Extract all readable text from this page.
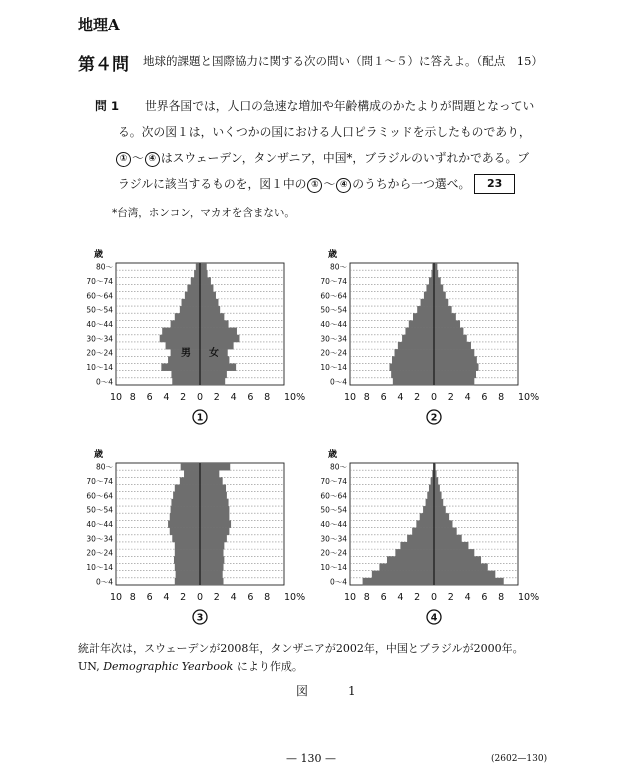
地理A
第４問 地球的課題と国際協力に関する次の問い（問１～５）に答えよ。（配点　15）
問 1 世界各国では，人口の急速な増加や年齢構成のかたよりが問題となってい
る。次の図１は，いくつかの国における人口ピラミッドを示したものであり，
① ～ ④ はスウェーデン，タンザニア，中国*，ブラジルのいずれかである。ブ
ラジルに該当するものを，図１中の ① ～ ④ のうちから一つ選べ。 23
*台湾，ホンコン，マカオを含まない。
歳
0～4
10～14
20～24
30～34
40～44
50～54
60～64
70～74
80～
10 8 6 4 2 0 2 4 6 8 10%
男 女
1
歳
0～4
10～14
20～24
30～34
40～44
50～54
60～64
70～74
80～
10 8 6 4 2 0 2 4 6 8 10%
2
歳
0～4
10～14
20～24
30～34
40～44
50～54
60～64
70～74
80～
10 8 6 4 2 0 2 4 6 8 10%
3
歳
0～4
10～14
20～24
30～34
40～44
50～54
60～64
70～74
80～
10 8 6 4 2 0 2 4 6 8 10%
4
統計年次は，スウェーデンが2008年，タンザニアが2002年，中国とブラジルが2000年。
UN, Demographic Yearbook により作成。
図　1
— 130 —	(2602—130)
